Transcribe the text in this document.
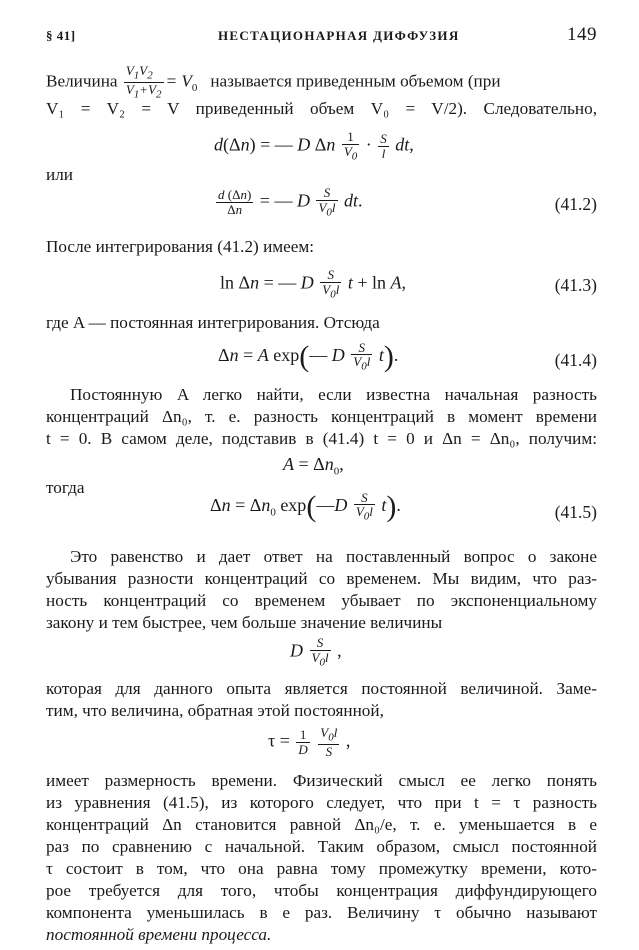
§ 41]	НЕСТАЦИОНАРНАЯ ДИФФУЗИЯ	149
Величина $\frac{V_1V_2}{V_1+V_2} = V_0$ называется приведенным объемом (при
V₁ = V₂ = V приведенный объем V₀ = V/2). Следовательно,
d(Δn) = — D Δn $\frac{1}{V_0} \cdot \frac{S}{l}$ dt,
или
$\frac{d (\Delta n)}{\Delta n}$ = — D $\frac{S}{V_0l}$ dt.	(41.2)
После интегрирования (41.2) имеем:
ln Δn = — D $\frac{S}{V_0l}$ t + ln A,	(41.3)
где A — постоянная интегрирования. Отсюда
Δn = A exp(— D $\frac{S}{V_0l} t$).	(41.4)
Постоянную A легко найти, если известна начальная разность
концентраций Δn₀, т. е. разность концентраций в момент времени
t = 0. В самом деле, подставив в (41.4) t = 0 и Δn = Δn₀, получим:
$A = \Delta n_0$,
тогда
$\Delta n = \Delta n_0$ exp(—D $\frac{S}{V_0l} t$).	(41.5)
Это равенство и дает ответ на поставленный вопрос о законе
убывания разности концентраций со временем. Мы видим, что раз-
ность концентраций со временем убывает по экспоненциальному
закону и тем быстрее, чем больше значение величины
D $\frac{S}{V_0l}$ ,
которая для данного опыта является постоянной величиной. Заме-
тим, что величина, обратная этой постоянной,
$\tau = \frac{1}{D}$
$\frac{V_0l}{S}$ ,
имеет размерность времени. Физический смысл ее легко понять
из уравнения (41.5), из которого следует, что при t = τ разность
концентраций Δn становится равной Δn₀/e, т. е. уменьшается в e
раз по сравнению с начальной. Таким образом, смысл постоянной
τ состоит в том, что она равна тому промежутку времени, кото-
рое требуется для того, чтобы концентрация диффундирующего
компонента уменьшилась в e раз. Величину τ обычно называют
постоянной времени процесса.
